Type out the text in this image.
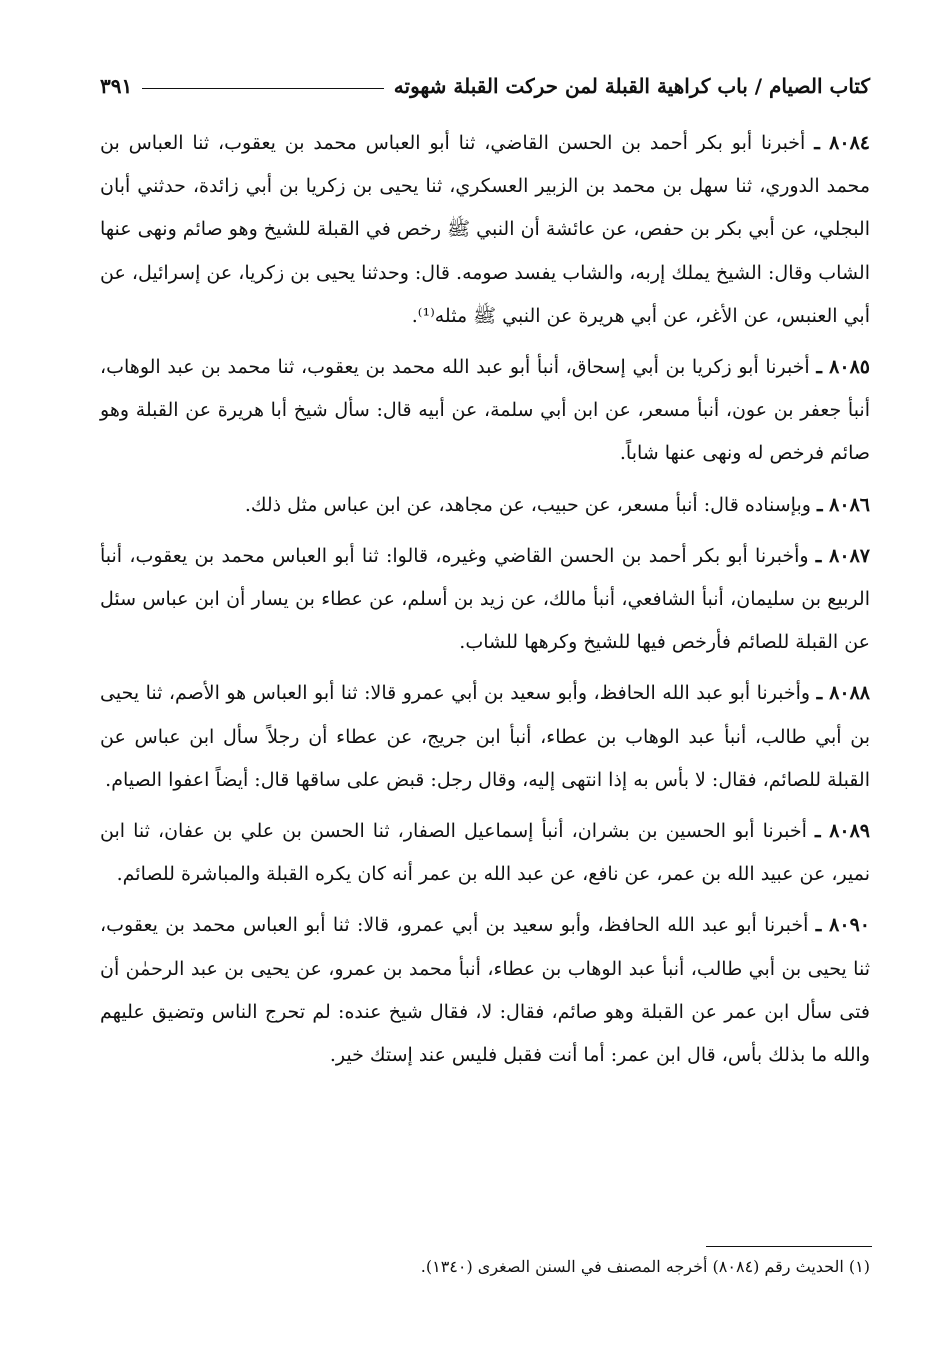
كتاب الصيام / باب كراهية القبلة لمن حركت القبلة شهوته
٣٩١

٨٠٨٤ ـ أخبرنا أبو بكر أحمد بن الحسن القاضي، ثنا أبو العباس محمد بن يعقوب، ثنا العباس بن محمد الدوري، ثنا سهل بن محمد بن الزبير العسكري، ثنا يحيى بن زكريا بن أبي زائدة، حدثني أبان البجلي، عن أبي بكر بن حفص، عن عائشة أن النبي ﷺ رخص في القبلة للشيخ وهو صائم ونهى عنها الشاب وقال: الشيخ يملك إربه، والشاب يفسد صومه. قال: وحدثنا يحيى بن زكريا، عن إسرائيل، عن أبي العنبس، عن الأغر، عن أبي هريرة عن النبي ﷺ مثله⁽¹⁾.

٨٠٨٥ ـ أخبرنا أبو زكريا بن أبي إسحاق، أنبأ أبو عبد الله محمد بن يعقوب، ثنا محمد بن عبد الوهاب، أنبأ جعفر بن عون، أنبأ مسعر، عن ابن أبي سلمة، عن أبيه قال: سأل شيخ أبا هريرة عن القبلة وهو صائم فرخص له ونهى عنها شاباً.

٨٠٨٦ ـ وبإسناده قال: أنبأ مسعر، عن حبيب، عن مجاهد، عن ابن عباس مثل ذلك.

٨٠٨٧ ـ وأخبرنا أبو بكر أحمد بن الحسن القاضي وغيره، قالوا: ثنا أبو العباس محمد بن يعقوب، أنبأ الربيع بن سليمان، أنبأ الشافعي، أنبأ مالك، عن زيد بن أسلم، عن عطاء بن يسار أن ابن عباس سئل عن القبلة للصائم فأرخص فيها للشيخ وكرهها للشاب.

٨٠٨٨ ـ وأخبرنا أبو عبد الله الحافظ، وأبو سعيد بن أبي عمرو قالا: ثنا أبو العباس هو الأصم، ثنا يحيى بن أبي طالب، أنبأ عبد الوهاب بن عطاء، أنبأ ابن جريج، عن عطاء أن رجلاً سأل ابن عباس عن القبلة للصائم، فقال: لا بأس به إذا انتهى إليه، وقال رجل: قبض على ساقها قال: أيضاً اعفوا الصيام.

٨٠٨٩ ـ أخبرنا أبو الحسين بن بشران، أنبأ إسماعيل الصفار، ثنا الحسن بن علي بن عفان، ثنا ابن نمير، عن عبيد الله بن عمر، عن نافع، عن عبد الله بن عمر أنه كان يكره القبلة والمباشرة للصائم.

٨٠٩٠ ـ أخبرنا أبو عبد الله الحافظ، وأبو سعيد بن أبي عمرو، قالا: ثنا أبو العباس محمد بن يعقوب، ثنا يحيى بن أبي طالب، أنبأ عبد الوهاب بن عطاء، أنبأ محمد بن عمرو، عن يحيى بن عبد الرحمٰن أن فتى سأل ابن عمر عن القبلة وهو صائم، فقال: لا، فقال شيخ عنده: لم تحرج الناس وتضيق عليهم والله ما بذلك بأس، قال ابن عمر: أما أنت فقبل فليس عند إستك خير.

(١) الحديث رقم (٨٠٨٤) أخرجه المصنف في السنن الصغرى (١٣٤٠).
